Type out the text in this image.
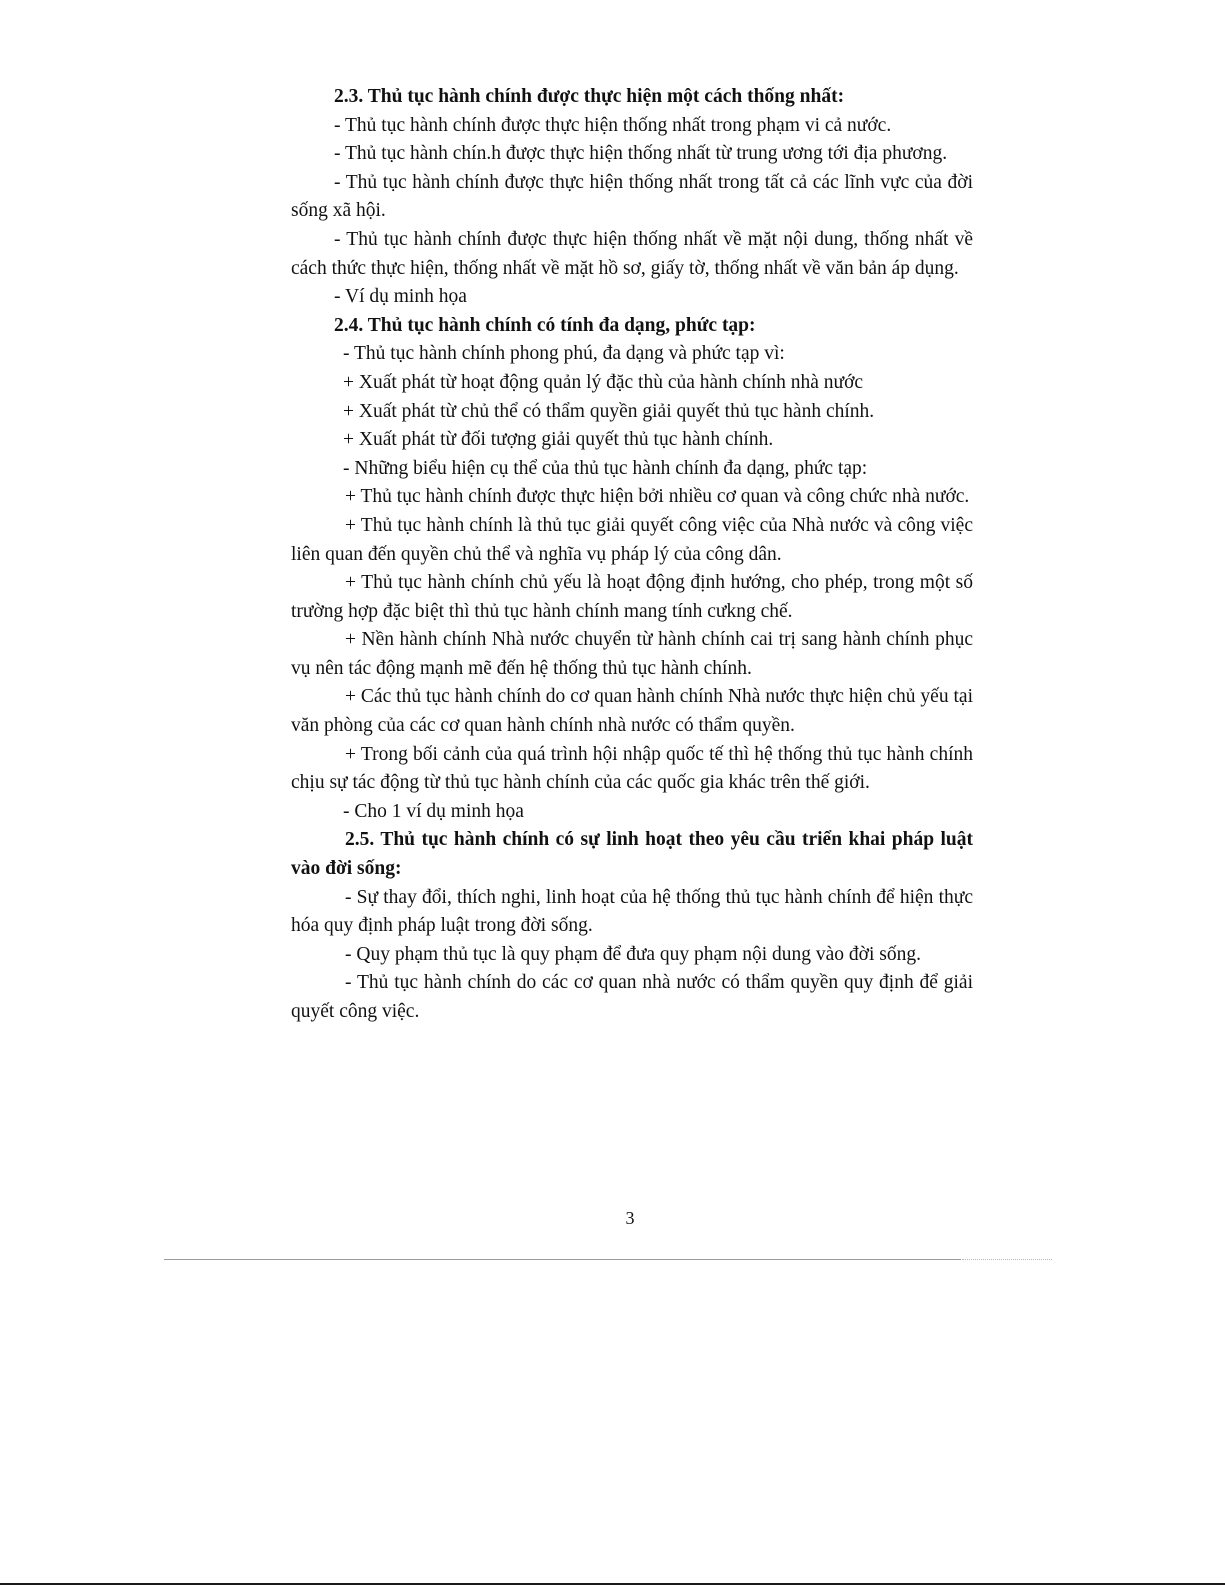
2.3. Thủ tục hành chính được thực hiện một cách thống nhất:

- Thủ tục hành chính được thực hiện thống nhất trong phạm vi cả nước.

- Thủ tục hành chín.h được thực hiện thống nhất từ trung ương tới địa phương.

- Thủ tục hành chính được thực hiện thống nhất trong tất cả các lĩnh vực của đời sống xã hội.

- Thủ tục hành chính được thực hiện thống nhất về mặt nội dung, thống nhất về cách thức thực hiện, thống nhất về mặt hồ sơ, giấy tờ, thống nhất về văn bản áp dụng.

- Ví dụ minh họa

2.4. Thủ tục hành chính có tính đa dạng, phức tạp:

- Thủ tục hành chính phong phú, đa dạng và phức tạp vì:

+ Xuất phát từ hoạt động quản lý đặc thù của hành chính nhà nước

+ Xuất phát từ chủ thể có thẩm quyền giải quyết thủ tục hành chính.

+ Xuất phát từ đối tượng giải quyết thủ tục hành chính.

- Những biểu hiện cụ thể của thủ tục hành chính đa dạng, phức tạp:

+ Thủ tục hành chính được thực hiện bởi nhiều cơ quan và công chức nhà nước.

+ Thủ tục hành chính là thủ tục giải quyết công việc của Nhà nước và công việc liên quan đến quyền chủ thể và nghĩa vụ pháp lý của công dân.

+ Thủ tục hành chính chủ yếu là hoạt động định hướng, cho phép, trong một số trường hợp đặc biệt thì thủ tục hành chính mang tính cưkng chế.

+ Nền hành chính Nhà nước chuyển từ hành chính cai trị sang hành chính phục vụ nên tác động mạnh mẽ đến hệ thống thủ tục hành chính.

+ Các thủ tục hành chính do cơ quan hành chính Nhà nước thực hiện chủ yếu tại văn phòng của các cơ quan hành chính nhà nước có thẩm quyền.

+ Trong bối cảnh của quá trình hội nhập quốc tế thì hệ thống thủ tục hành chính chịu sự tác động từ thủ tục hành chính của các quốc gia khác trên thế giới.

- Cho 1 ví dụ minh họa

2.5. Thủ tục hành chính có sự linh hoạt theo yêu cầu triển khai pháp luật vào đời sống:

- Sự thay đổi, thích nghi, linh hoạt của hệ thống thủ tục hành chính để hiện thực hóa quy định pháp luật trong đời sống.

- Quy phạm thủ tục là quy phạm để đưa quy phạm nội dung vào đời sống.

- Thủ tục hành chính do các cơ quan nhà nước có thẩm quyền quy định để giải quyết công việc.

3
